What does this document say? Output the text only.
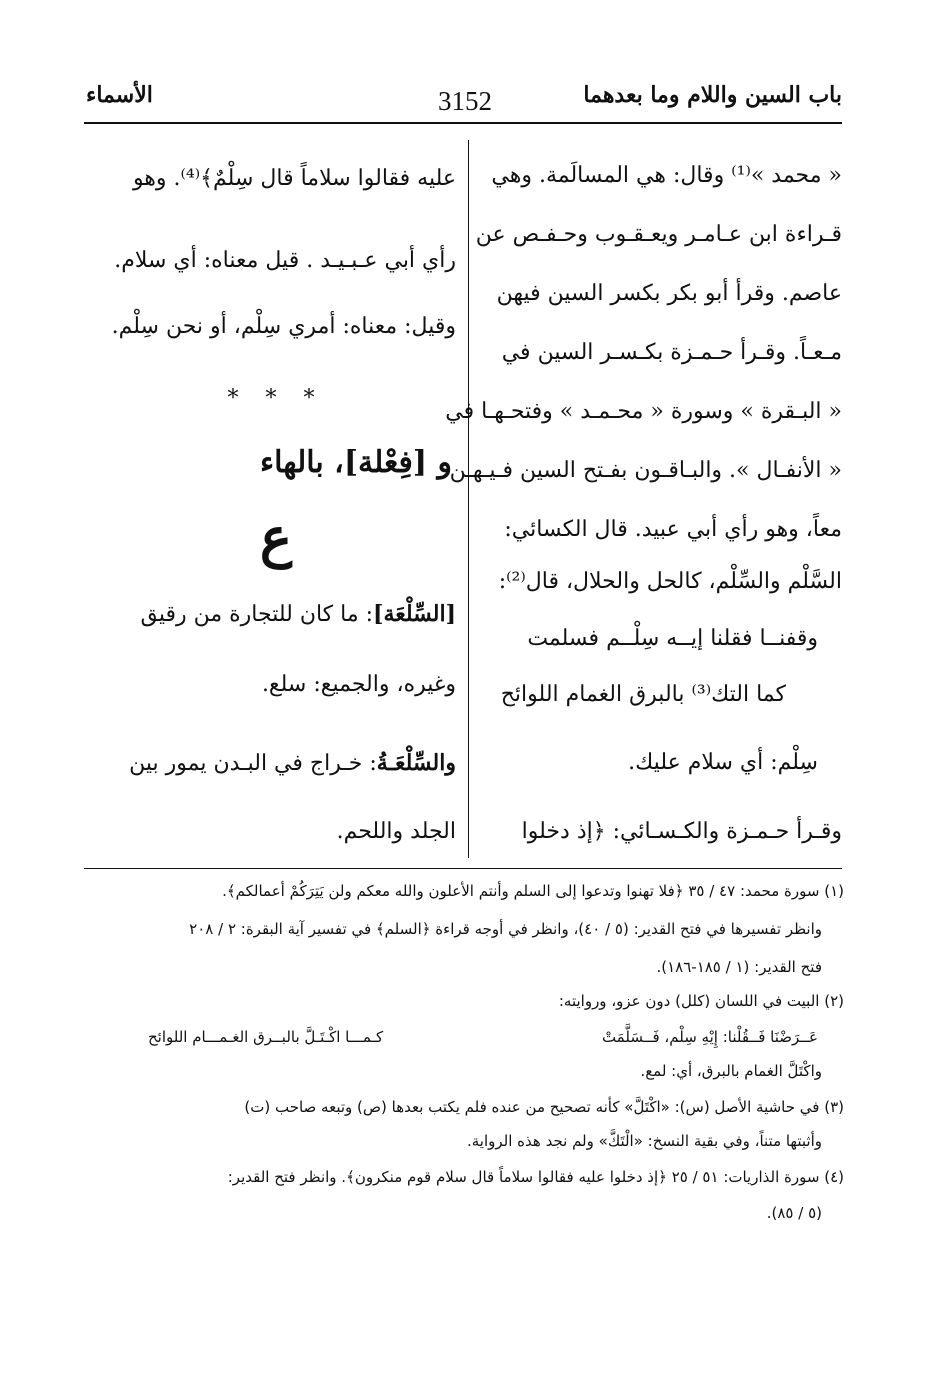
باب السين واللام وما بعدهما
3152
الأسماء
« محمد »⁽¹⁾ وقال: هي المسالَمة. وهي
قـراءة ابن عـامـر ويعـقـوب وحـفـص عن
عاصم. وقرأ أبو بكر بكسر السين فيهن
مـعـاً. وقـرأ حـمـزة بكـسـر السين في
« البـقرة » وسورة « محـمـد » وفتحـهـا في
« الأنفـال ». والبـاقـون بفـتح السين فـيـهـن
معاً، وهو رأي أبي عبيد. قال الكسائي:
السَّلْم والسِّلْم، كالحل والحلال، قال⁽²⁾:
وقفنــا فقلنا إيــه سِلْــم فسلمت
كما التك⁽³⁾ بالبرق الغمام اللوائح
سِلْم: أي سلام عليك.
وقـرأ حـمـزة والكـسـائي: ﴿إذ دخلوا
عليه فقالوا سلاماً قال سِلْمٌ﴾⁽⁴⁾. وهو
رأي أبي عـبـيـد . قيل معناه: أي سلام.
وقيل: معناه: أمري سِلْم، أو نحن سِلْم.
* * *
و [فِعْلة]، بالهاء
ع
[السِّلْعَة]: ما كان للتجارة من رقيق
وغيره، والجميع: سلع.
والسِّلْعَـةُ: خـراج في البـدن يمور بين
الجلد واللحم.
(١) سورة محمد: ٤٧ / ٣٥ ﴿فلا تهنوا وتدعوا إلى السلم وأنتم الأعلون والله معكم ولن يَتِرَكُمْ أعمالكم﴾.
وانظر تفسيرها في فتح القدير: (٥ / ٤٠)، وانظر في أوجه قراءة ﴿السلم﴾ في تفسير آية البقرة: ٢ / ٢٠٨
فتح القدير: (١ / ١٨٥-١٨٦).
(٢) البيت في اللسان (كلل) دون عزو، وروايته:
عَــرَضْنَا فَــقُلْنا: إِيْهِ سِلْم، فَــسَلَّمَتْ
كـمـــا اكْـتَـلَّ بالبــرق الغـمـــام اللوائح
واكْتَلَّ الغمام بالبرق، أي: لمع.
(٣) في حاشية الأصل (س): «اكْتَلَّ» كأنه تصحيح من عنده فلم يكتب بعدها (ص) وتبعه صاحب (ت)
وأثبتها متناً، وفي بقية النسخ: «الْتَكَّ» ولم نجد هذه الرواية.
(٤) سورة الذاريات: ٥١ / ٢٥ ﴿إذ دخلوا عليه فقالوا سلاماً قال سلام قوم منكرون﴾. وانظر فتح القدير:
(٥ / ٨٥).
